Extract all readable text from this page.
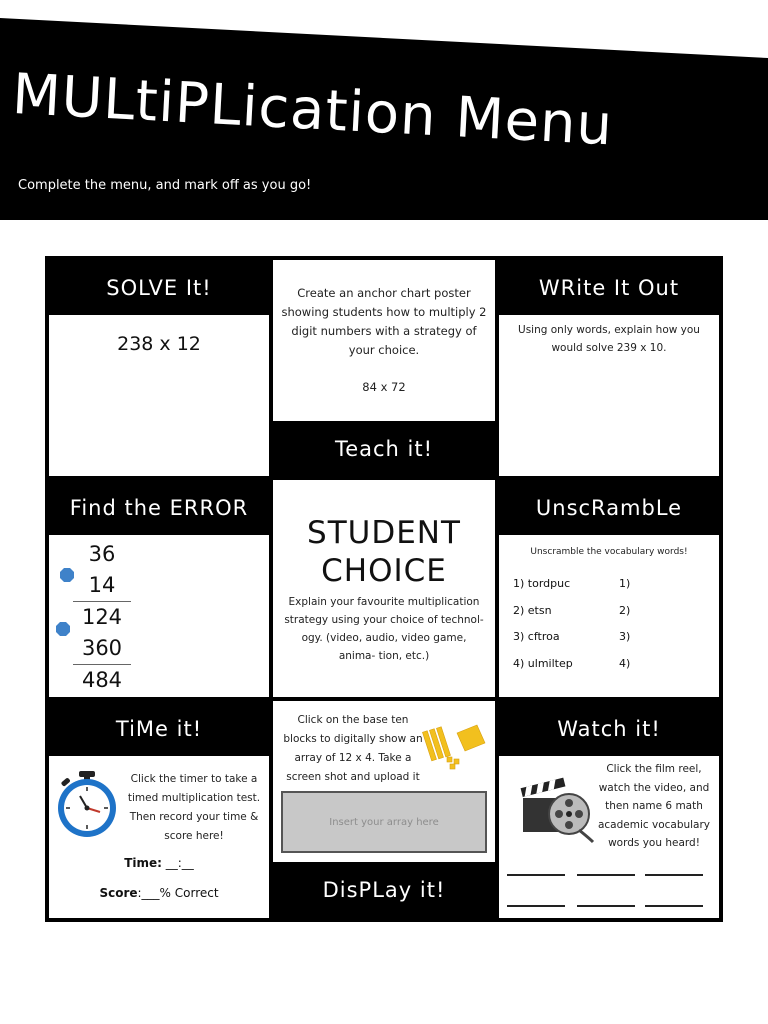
MULtiPLication Menu
Complete the menu, and mark off as you go!
SOLVE It!
238 x 12
Create an anchor chart poster showing students how to multiply 2 digit numbers with a strategy of your choice.
84 x 72
Teach it!
WRite It Out
Using only words, explain how you would solve 239 x 10.
Find the ERROR
36
14
124
360
484
STUDENT
CHOICE
Explain your favourite multiplication strategy using your choice of technol- ogy. (video, audio, video game, anima- tion, etc.)
UnscRambLe
Unscramble the vocabulary words!
1) tordpuc
2) etsn
3) cftroa
4) ulmiltep
1)
2)
3)
4)
TiMe it!
Click the timer to take a timed multiplication test. Then record your time & score here!
Time: __:__
Score:___% Correct
Click on the base ten blocks to digitally show an array of 12 x 4. Take a screen shot and upload it
Insert your array here
DisPLay it!
Watch it!
Click the film reel, watch the video, and then name 6 math academic vocabulary words you heard!
